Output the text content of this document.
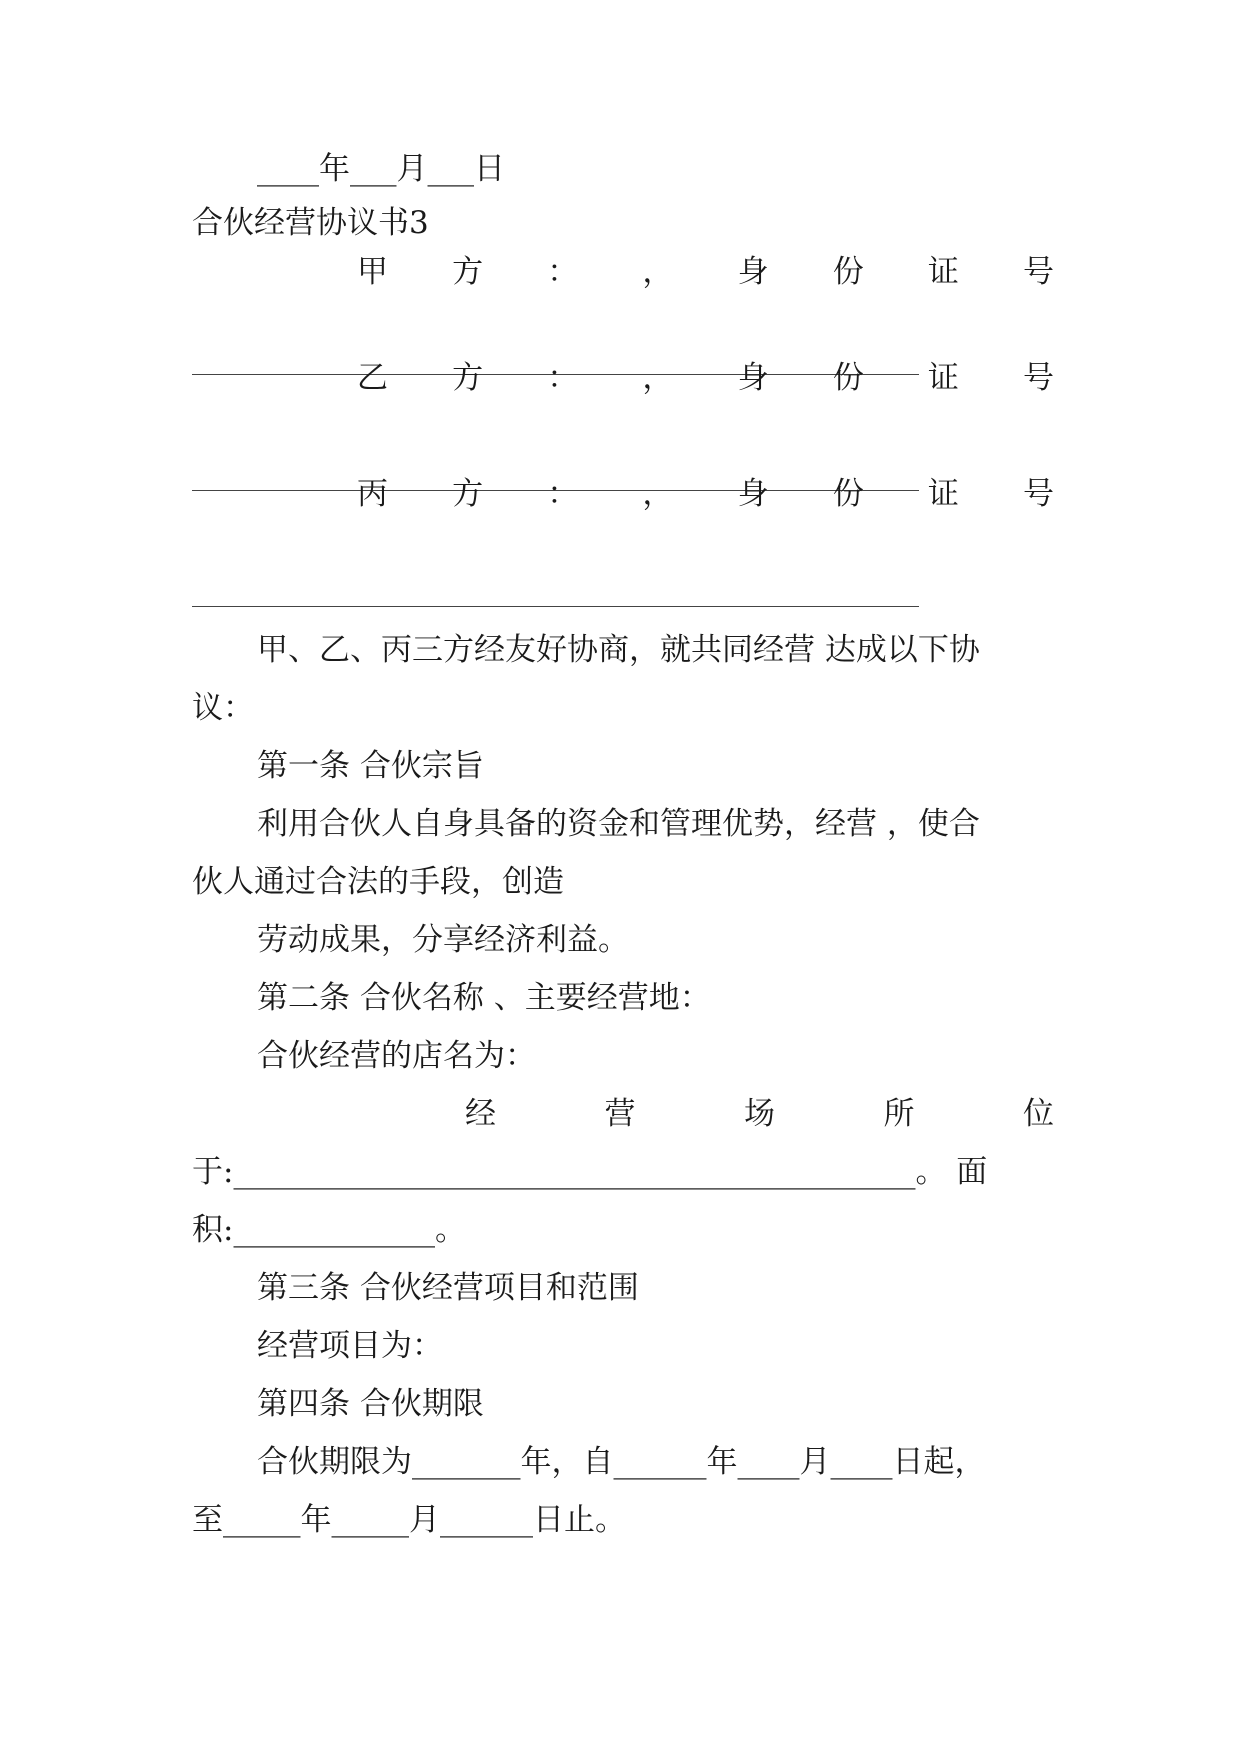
____年___月___日
合伙经营协议书3
甲 方 ： ， 身 份 证 号
乙 方 ： ， 身 份 证 号
丙 方 ： ， 身 份 证 号
甲、乙、丙三方经友好协商，就共同经营 达成以下协
议：
第一条 合伙宗旨
利用合伙人自身具备的资金和管理优势，经营 ，使合
伙人通过合法的手段，创造
劳动成果，分享经济利益。
第二条 合伙名称 、主要经营地：
合伙经营的店名为：
经	营	场	所	位
于:____________________________________________。 面
积:_____________。
第三条 合伙经营项目和范围
经营项目为：
第四条 合伙期限
合伙期限为_______年，自______年____月____日起，
至_____年_____月______日止。
